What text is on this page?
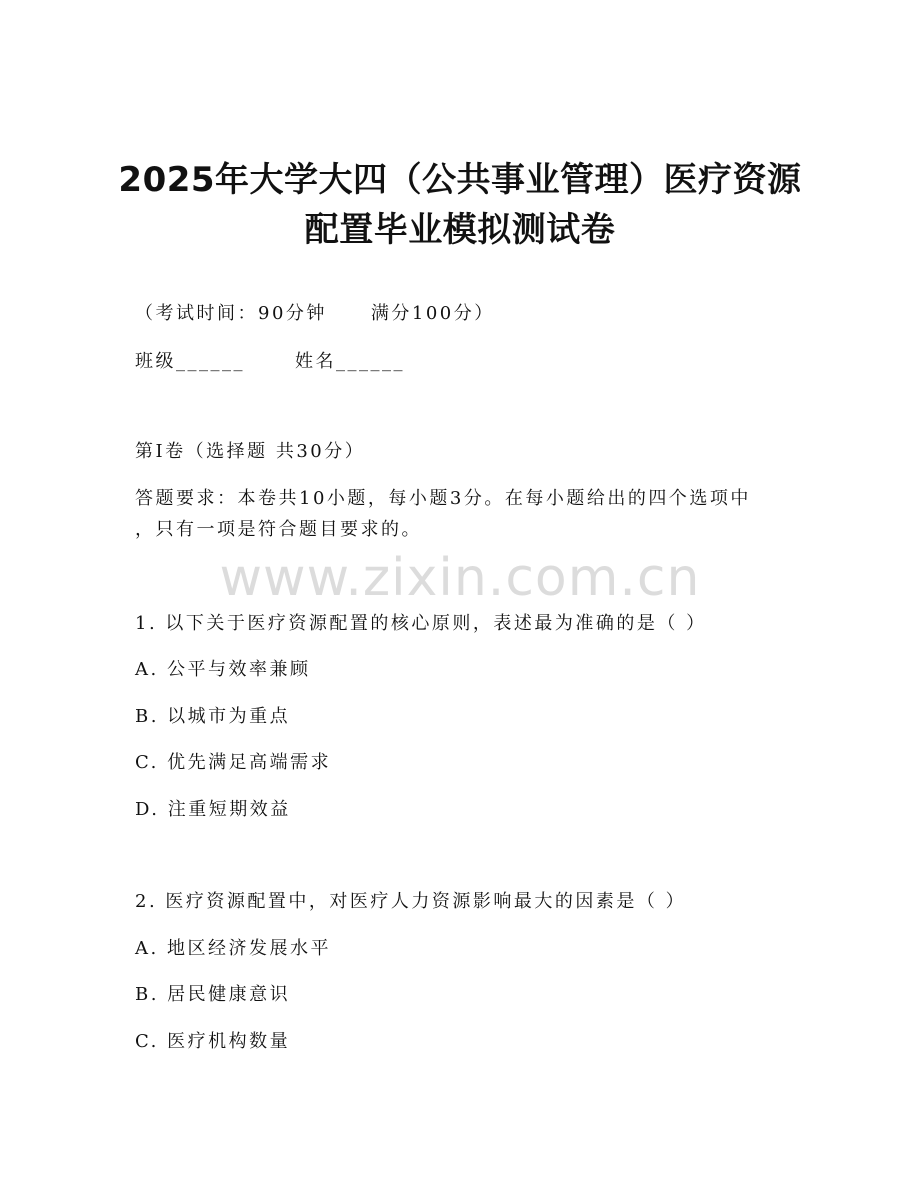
2025年大学大四（公共事业管理）医疗资源
配置毕业模拟测试卷
（考试时间：90分钟 满分100分）
班级______	姓名______
第I卷（选择题 共30分）
答题要求：本卷共10小题，每小题3分。在每小题给出的四个选项中
，只有一项是符合题目要求的。
www.zixin.com.cn
1. 以下关于医疗资源配置的核心原则，表述最为准确的是（ ）
A. 公平与效率兼顾
B. 以城市为重点
C. 优先满足高端需求
D. 注重短期效益
2. 医疗资源配置中，对医疗人力资源影响最大的因素是（ ）
A. 地区经济发展水平
B. 居民健康意识
C. 医疗机构数量
